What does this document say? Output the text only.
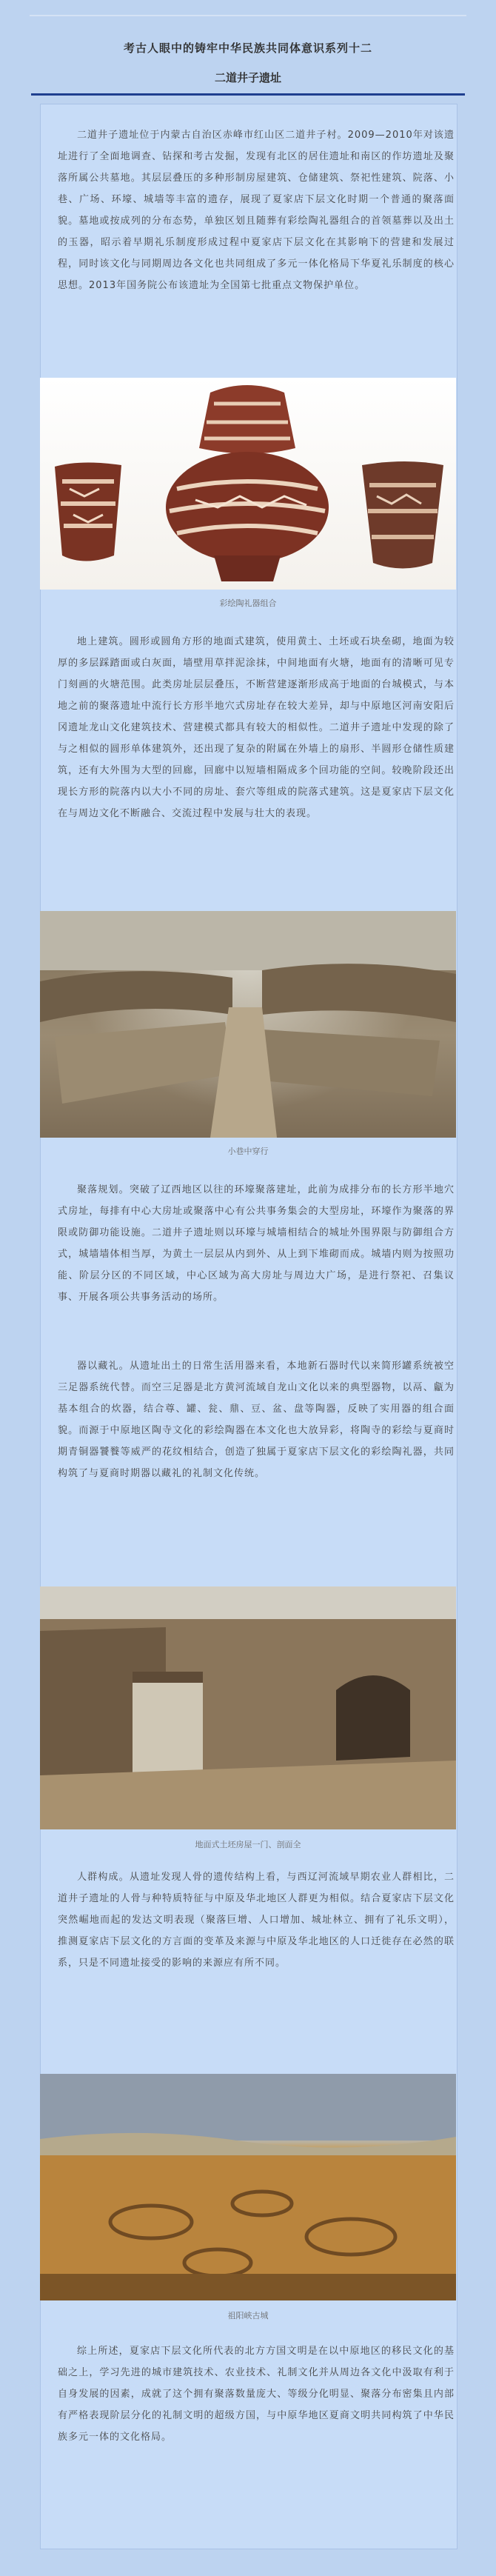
考古人眼中的铸牢中华民族共同体意识系列十二
二道井子遗址
二道井子遗址位于内蒙古自治区赤峰市红山区二道井子村。2009—2010年对该遗址进行了全面地调查、钻探和考古发掘，发现有北区的居住遗址和南区的作坊遗址及聚落所属公共墓地。其层层叠压的多种形制房屋建筑、仓储建筑、祭祀性建筑、院落、小巷、广场、环壕、城墙等丰富的遗存，展现了夏家店下层文化时期一个普通的聚落面貌。墓地或按成列的分布态势，单独区划且随葬有彩绘陶礼器组合的首领墓葬以及出土的玉器，昭示着早期礼乐制度形成过程中夏家店下层文化在其影响下的营建和发展过程，同时该文化与同期周边各文化也共同组成了多元一体化格局下华夏礼乐制度的核心思想。2013年国务院公布该遗址为全国第七批重点文物保护单位。
彩绘陶礼器组合
地上建筑。圆形或圆角方形的地面式建筑，使用黄土、土坯或石块垒砌，地面为较厚的多层踩踏面或白灰面，墙壁用草拌泥涂抹，中间地面有火塘，地面有的清晰可见专门刻画的火塘范围。此类房址层层叠压，不断营建逐渐形成高于地面的台城模式，与本地之前的聚落遗址中流行长方形半地穴式房址存在较大差异，却与中原地区河南安阳后冈遗址龙山文化建筑技术、营建模式都具有较大的相似性。二道井子遗址中发现的除了与之相似的圆形单体建筑外，还出现了复杂的附属在外墙上的扇形、半圆形仓储性质建筑，还有大外围为大型的回廊，回廊中以短墙相隔成多个回功能的空间。较晚阶段还出现长方形的院落内以大小不同的房址、套穴等组成的院落式建筑。这是夏家店下层文化在与周边文化不断融合、交流过程中发展与壮大的表现。
小巷中穿行
聚落规划。突破了辽西地区以往的环壕聚落建址，此前为成排分布的长方形半地穴式房址，每排有中心大房址或聚落中心有公共事务集会的大型房址，环壕作为聚落的界限或防御功能设施。二道井子遗址则以环壕与城墙相结合的城址外围界限与防御组合方式，城墙墙体相当厚，为黄土一层层从内到外、从上到下堆砌而成。城墙内则为按照功能、阶层分区的不同区域，中心区域为高大房址与周边大广场，是进行祭祀、召集议事、开展各项公共事务活动的场所。
器以藏礼。从遗址出土的日常生活用器来看，本地新石器时代以来简形罐系统被空三足器系统代替。而空三足器是北方黄河流域自龙山文化以来的典型器物，以鬲、甗为基本组合的炊器，结合尊、罐、瓮、鼎、豆、盆、盘等陶器，反映了实用器的组合面貌。而源于中原地区陶寺文化的彩绘陶器在本文化也大放异彩，将陶寺的彩绘与夏商时期青铜器饕餮等威严的花纹相结合，创造了独属于夏家店下层文化的彩绘陶礼器，共同构筑了与夏商时期器以藏礼的礼制文化传统。
地面式土坯房屋一门、剖面全
人群构成。从遗址发现人骨的遗传结构上看，与西辽河流域早期农业人群相比，二道井子遗址的人骨与种特质特征与中原及华北地区人群更为相似。结合夏家店下层文化突然崛地而起的发达文明表现（聚落巨增、人口增加、城址林立、拥有了礼乐文明），推测夏家店下层文化的方言面的变革及来源与中原及华北地区的人口迁徙存在必然的联系，只是不同遗址接受的影响的来源应有所不同。
祖阳峡古城
综上所述，夏家店下层文化所代表的北方方国文明是在以中原地区的移民文化的基础之上，学习先进的城市建筑技术、农业技术、礼制文化并从周边各文化中汲取有利于自身发展的因素，成就了这个拥有聚落数量庞大、等级分化明显、聚落分布密集且内部有严格表现阶层分化的礼制文明的超级方国，与中原华地区夏商文明共同构筑了中华民族多元一体的文化格局。
